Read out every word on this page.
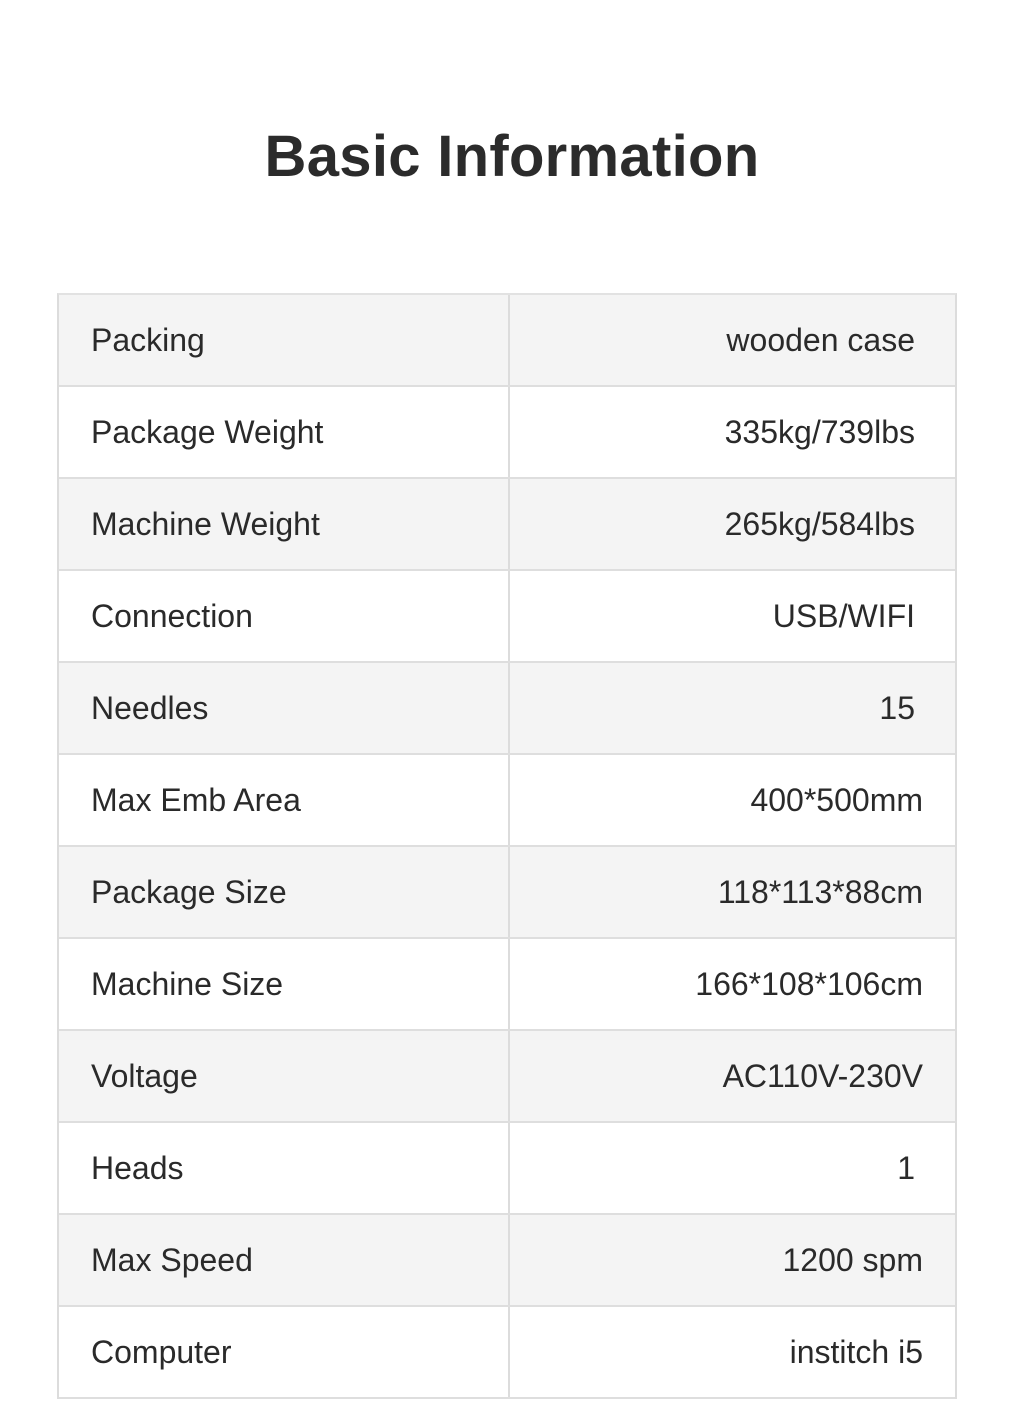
Basic Information
Packing	wooden case
Package Weight	335kg/739lbs
Machine Weight	265kg/584lbs
Connection	USB/WIFI
Needles	15
Max Emb Area	400*500mm
Package Size	118*113*88cm
Machine Size	166*108*106cm
Voltage	AC110V-230V
Heads	1
Max Speed	1200 spm
Computer	institch i5
